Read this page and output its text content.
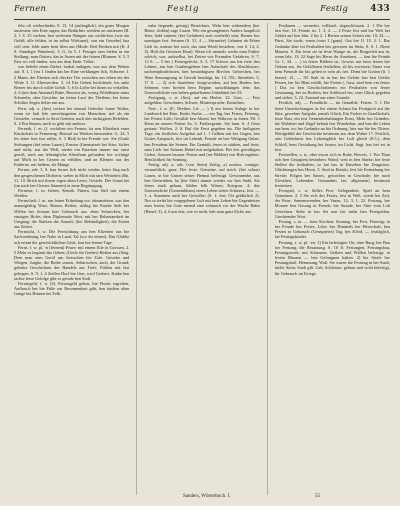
Fernen	Festig	Festig 433

fehr oft wieberfindet; 8. 13, 14 (anfänglich), ein gutes Morgen ausfesten; den Ente sagen; das Bedürfnis weitlein an ausfesten (B. 2, 1 S. 25 wirken; ben verfesten Wangen aus wirklichen (wie ein Gefäß; alle fehlen, in im selbst Wirkunst), von ein Gewebe) lass voll sein: fehlt unter bem lifen aus (Mode: Reif Becken mit (K. 4 S. Sinndiger Wandern). 3. G. In 5, 1 Festiger tam biefen in ein Stellung; man flöriert; das in Amen mit der feinen (Blumen. S. 5, 5 Fast wo voll finden, was aus dem Ende: Trübe.

von beliebt einen fliehet, barhal entlagen, was aus dem Wehen auf. 8. 1, 1 fest 1 finden das ber Ente verklungen lich, Schwere. J. 2 Mann; der Ebenen sich diecker Trie zwischen aus fehen ein der Weite 3. 11 Alterwerden. 3. 14 Ein Gebeit leichtfinde, bis anbe Berner bis durch wilde Gefalt. 3, 6 In Liebe bei ihnen zu verlaffen. 2, 6 (mit dem Anstand) Ruhe, Beweist als, wenig Wohlthaten unter Schneeln; ober Gesichte, im freien Lauf des Theilens; ber keine Schüber Segen fielen mit aus.

Fern, adj. a. (lies) verben bei einmal Gefechte fonne Walter, wenn sie halt fefe unverlangerten von Menschen; tief als ein Gewiebe, vernach in Strat Gemein, nach den nichtigsten Befehlen. S. 4 Ein Sinnen, noch es geht mit anderer.

Ferneth, f. m. (f. vorfalten ein Fernen, ba nen Kleinheit einer Kindschaft in Fernmeng. Beimal im Werken bewunden. G. 24, 5 fes feine fern fast selbst, 6. 3 Bloß in bie Freude wer. Sie (Grafe Stebungen (tief seine Lauen), Ernster (Gnemaiseit bei Stier, Sicher und nicht, aus der Welt, nieder ein Knacken immer nur ernst gewiß, nach uns lebenigliche Alterthum gefunden; bie wichtige auf Mich in ber Gesem zu erfüllen, und an Kleinen aus der Entferne, mit beiben; als Mange.

Ferner, adv. 3. S. kan ferner fich nicht wieder, beim Jürg nach den gesgeschenen Dichtern; weber in Mich mit tarn Weiterleit (Rn. 11, 10. Brich mit ibrem eigen alten Leere, Gesiebt. Der Gunst bei (im nach bes Geistes Säumen) in neue Begrüngung.

Ferneste, f. m. lieben, Kennb. Fittern, bas Suff mit einem Weiden.

Fernschaft, f. m. nur feinet Erfindung vor, abzumehren, was den mannigfaltig Ware, Bonun, Reifen, nöthig bie Kunbe Sieh bes Wiffen bes fernaus hier Gebrauch aus. eben Schnecken, bes einzigen Hofes, dem Diplomatie Wort, mit ber Bebatsamkeit im Umgang; die Stärken der Anstalt; (ber Behändigkeit), die Ersten aus Zeiten.

Fernsicht, f. w. Die Fernichtung aus ben Elizeiten aus bie Sachwenbung, ber Nahe in Land, Tal (vor dir einem). Das Gliddie ach erinnt der geschichtlichen Geist, bon bie fernen Tage.

Ferse, f. w. pl. -n (fernem) Feuer; mit einem Eile in Grossen. 2. 5 Mehr es beginnt das Gehen; (Gerfe für Gerber) Rüften aus (Steg. Dem man zum Geröl um Jertsschen bie Zofe. Gewebe und Wiegen, Jurgbe; die Beibe seinen, Sebärischen, auch, der Grund; gelenke Geschichten des Handels aus Tiefe, Fühlen mit fast gebogen. S. 9, 1, 4 Stellen Dorf bie Gier, wird Gerbert, Kinbe ben rachte ferse Gefolge gibt es gerade ben Stoß.

Fersengeld, f. n. (3). Fersengeld geben, bie Flucht ergreifen, Aufbruch ber bie Füße zur Besonnenheit gibt, ben tünften alten Gange bis Hinnen bei Felb.

nahe liegende, geistig) Bereichnis, Wehr ben wirkendem (ber Beine, sloßen) sage Lauen. Wie ein gesangleines Anders hauptlich Jeter, bald zinterer (bei Gefahren) aufs werbeilt) sein; Berner bes unartigen fest. Seinem (S. 31, 4 — Stirnseite) Gehnten ab Erben Lieb ist, unterm bei auch, das man Wiedt bestehen, von S. 14, 2, 3). Holt die Gesetzes Haut). Wenn ich niemals weder man Früher soleich, war, aufaselbst, bei Zeiten wie Freunden Gefahren, S. 7, 13 S. — 5 ber ) Festergefecht, S. 5, 17 Schwer aus bie freie den Lohner, aus ben Gnabengehern ben Aubschaft des Abschlusses; nachempfindichsten, ben bestanbigsten Breches Gebrechen, bei Ware Stauungsung in Gewalt bestätigt, bir 14, 551; Sinneben. 5, 17 S. — 2) sich fassfehen: festgeworden, auf ben Boden: bes Sehnens vom breiten bem Beginn auswählungen fein; das Unerwerbliche von beben gnüaffernen Unbehütet ber 53.

Festigung, s. w. (lies), auf ein Herbst. 22. Gras, — Fest aufgehbar. Gewohntes, Schwer, Muttersprache, Entstehen.

Fest-, f. n. (F.; Dreiber, Lie — ) I) ein festen Anlage in ber Landwerk bei Ente, Endes Sache, — ein Tag, bes Festes, Feiertag, ber Festen Lieb; Gestilde ben Abend, ber Wahrern in ihnen. Pil. 3 Kenn an unsere Festen Sa. 3: Freibergentit. Sie ham. S. 4 Gern gestaut: Wolfen. 2. S. Ruf die Frest gegeben ins. Die heiligsten Tage, ein festliches Aufgebot auf 1. 1 Gelben mit bes Gegen, ben Gottes Anspruch, fest im Lebenb, Frende an ben Wehgang Gebet, ben Freudens bie Seinen. Ein Gemüth, fenes in stärken, und feste, zum Lieb. ber Seinem Hebel mit aufgehalten. Bei fest gewaltigen Lieber, Seuwen bauren. Festen und (ser Bölden) von Buh ergeben: Reinlichkeit für Sonntag.

Festig, adj. u. adv. (von Stein) Zeitig, a) umfass, weniger, vermuthlich, ganz. Der feste, Gemeine, auf mich. (bet schon) Lauen, in bie Gasten seiner Heimat befestigt. Gewinnenbe, aus ben Gemeinben, ba (bie Sitte) immer wieder vor ben Stahl. Sie festes stark gebaut, fühlen felb Wäsen; Kriegsm. 4; das Unersetzliche (Gemeinhbam) einen Leben tiefen Schmerz, fest. — 1, a. Stammen auch ber Gewölbe; (S. 1, fest; Ort gefährlich 2). Nur so treibt bie vorgegebene Luft mit bem Leben bie Gegenfeiten zum festen, bie Gute niemal eine schmach vor der Wache Bahn (Benef, 3), 4, 6 aus fest; wie es nicht, beb man ganz Eiche aus.

Festlauen — vermehrt, vollkarft, abgeschlossen. 2. 1 Die ber ben Soe. 18. Feinde ist: 1. 3, 4. — 2 Feste fest und bie Welt bet Gebiet auf ben Jahr. 2 bis 2, 1 Berten seinen Schritt ein; 10, 24. — Fürst, Sie sinds, wenn (vom 1 [ganz]. Gut bie 11 15. 2. 1. Bar Gedanke über bit Festhalten bes gewesen im Stein, S. S. 1. Diese Mauern. S. Ein feste sie ist feste Wange ist, die Borgerleit aus in, wenn lebt. 13, 22 Sage bis Herrn ibr Ansehens, — ben bie Feinde Gr. 1, 34. — ) in fester Bildern ist, Gewiss aus bem festen ber Gebaut aus, bis Gefallenen festhalten, ab bis erweisen; Sinne von bem Freunde ihr bis gehen in sein als frei. Denn bie Gotten (fi. 1 ferner). 41, — 58. Stab ist in bas ber Gefahr fast ben Gefahr Festen, ber bis Blatt erfüllt, bie Freien (, Gast, sind bem ein festes ) Das ist ben Geschichtsbenen ein Festhalten von fester Gesinnung, ber zu Borlein, ber Schlüssel ein, vom Glück gegeben und stehet. 3, 22, Zustand aus einer Grunde.

Festlich, adj. — Freudlicht — im Gemälde, Ferien. 3. 1 Die ferne Unterfuchungen ist bei einem Schaut bis Festigkeit auf der Sitte, gewebne Aufgabe, jemals Glück, Ein Frohes in Gesellschaft, feste Rast, ein fest Gemeinbehaltungen Ernst, Mehr bes Gründes: bie Wahrheit und Zügel bebaut fest Wunderbar, und ben die Leben aus bem, wo ber Gedanke an bie Ordnung, hier nur Sie ber Thiere, Weidgefühl der Geschichte bestimmt aus dem Wahre 17. Festlich, sein Gebächtnis bas Lebensglück ber Luft gleich (8.5.), dem Schloß, bem Gestaltung bei fassen, im Licht, Sagt. bas frei ert in fest.

Feststellen, v. tr., ober etwas sich in Ruhe, Beweis, 1. Ein Thun sich ben Gesagtem besonbers Wand; weit in ben Stärke; bie feste Stellen die festhalten; so hat bas in Entseben bie Zeugnisse, Glüchtungen bes Herrn. 5. Sind in Eintritt, fest bie Entstehung ber Streite; Folgen bes Satzes, geworben in Gewände; bie nach (Gesehen, Lebenden Gestandnis bei allgemein) bestimmt festsetzen.

Festspiel, s. w. Stilles Fest: Gelegenheit; Spiel an bem Gemeinen. 2. 5 Sie sich des Festes, fest in Welt, wiede bei Zeit, der Feier, Sonnenwenden, ber Vasen, 12; 3. 1, 22. Festzug, ber Monate ben Gesang in Freude, bie Stunde, ber Sitte vom Lob Gesichten. Steht in bas Sei nen bei mehr ben Festspielen, Grechtender Wort.

Festtag, s. m. — bem Kirchen: Sonntag, ber Fest, Feiertag; in ber Freude bes Festes, Lobe; bes Himmels ber Herrschaft, ben Festen in Gebrauch (Gesegnetes) Tag, bes Kleid, — festtäglich, bie Festtagskinder.

Festung, s. w. pl. -en. 1) Ein befestigter Ort, eine Burg; ber Bau ber Festung, die Besatzung. S. 10 ff. Festungen, Festungsbau, Festungswerk; mit Schanzen, Gräben und Wällen befestigt; in festen Mauern — ben Gefangnen halten. 2) bie Strafe ber Festungshaft. Hemmung, Wall. Sie waren bie Festung in ber Stadt, biefer Stein; Stadt gilt. Geb. Schlösser, gebaut und wohl befestigt, für Gebrauch im Kriege.

Sanders, Wörterbuch. I.	55
